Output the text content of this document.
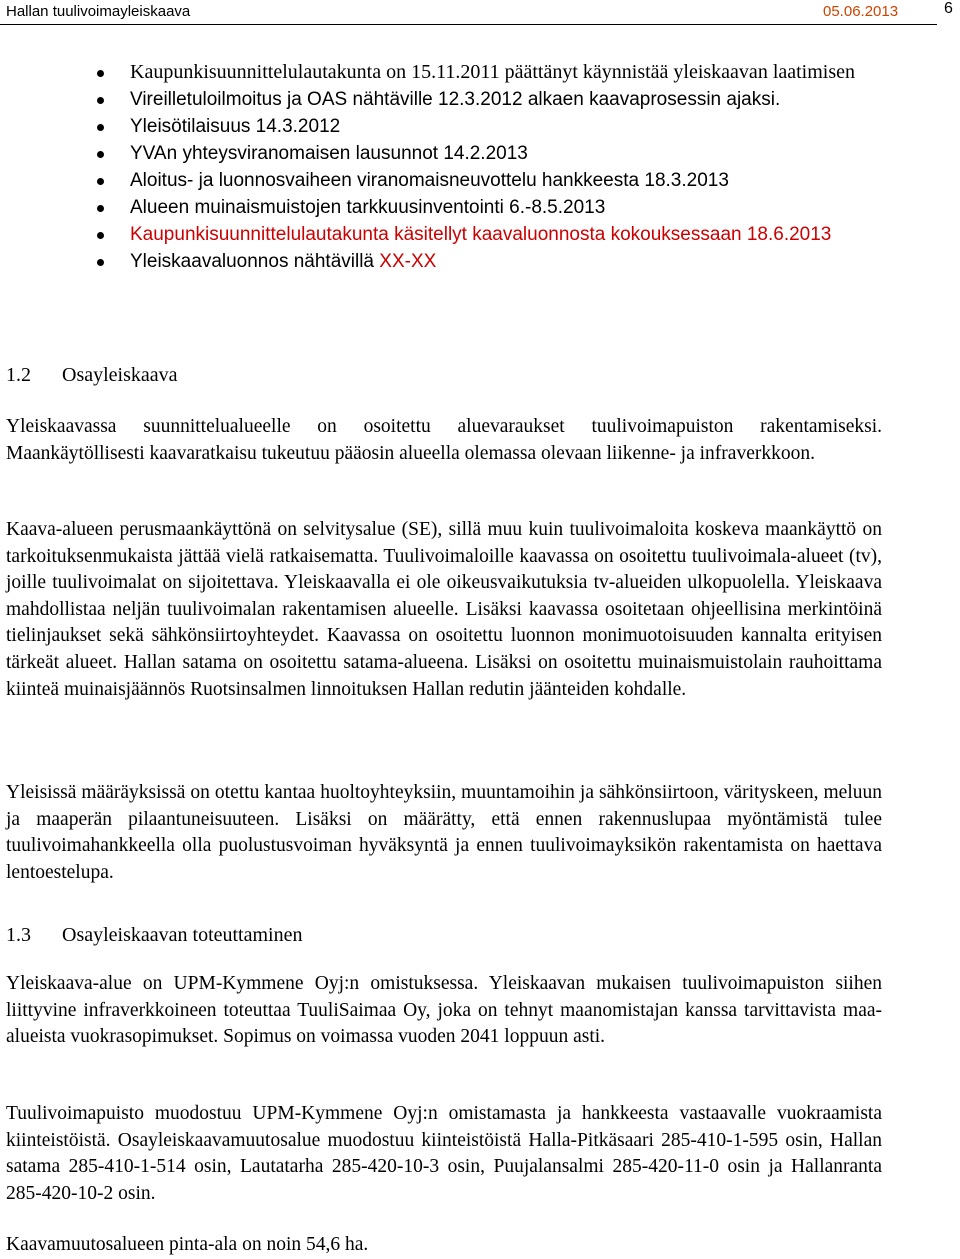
Hallan tuulivoimayleiskaava	05.06.2013	6
Kaupunkisuunnittelulautakunta on 15.11.2011 päättänyt käynnistää yleiskaavan laatimisen
Vireilletuloilmoitus ja OAS nähtäville 12.3.2012 alkaen kaavaprosessin ajaksi.
Yleisötilaisuus 14.3.2012
YVAn yhteysviranomaisen lausunnot 14.2.2013
Aloitus- ja luonnosvaiheen viranomaisneuvottelu hankkeesta 18.3.2013
Alueen muinaismuistojen tarkkuusinventointi 6.-8.5.2013
Kaupunkisuunnittelulautakunta käsitellyt kaavaluonnosta kokouksessaan 18.6.2013
Yleiskaavaluonnos nähtävillä XX-XX
1.2 Osayleiskaava

Yleiskaavassa suunnittelualueelle on osoitettu aluevaraukset tuulivoimapuiston rakentamiseksi. Maankäytöllisesti kaavaratkaisu tukeutuu pääosin alueella olemassa olevaan liikenne- ja infraverkkoon.

Kaava-alueen perusmaankäyttönä on selvitysalue (SE), sillä muu kuin tuulivoimaloita koskeva maankäyttö on tarkoituksenmukaista jättää vielä ratkaisematta. Tuulivoimaloille kaavassa on osoitettu tuulivoimala-alueet (tv), joille tuulivoimalat on sijoitettava. Yleiskaavalla ei ole oikeusvaikutuksia tv-alueiden ulkopuolella. Yleiskaava mahdollistaa neljän tuulivoimalan rakentamisen alueelle. Lisäksi kaavassa osoitetaan ohjeellisina merkintöinä tielinjaukset sekä sähkönsiirtoyhteydet. Kaavassa on osoitettu luonnon monimuotoisuuden kannalta erityisen tärkeät alueet. Hallan satama on osoitettu satama-alueena. Lisäksi on osoitettu muinaismuistolain rauhoittama kiinteä muinaisjäännös Ruotsinsalmen linnoituksen Hallan redutin jäänteiden kohdalle.

Yleisissä määräyksissä on otettu kantaa huoltoyhteyksiin, muuntamoihin ja sähkönsiirtoon, värityskeen, meluun ja maaperän pilaantuneisuuteen. Lisäksi on määrätty, että ennen rakennuslupaa myöntämistä tulee tuulivoimahankkeella olla puolustusvoiman hyväksyntä ja ennen tuulivoimayksikön rakentamista on haettava lentoestelupa.

1.3 Osayleiskaavan toteuttaminen

Yleiskaava-alue on UPM-Kymmene Oyj:n omistuksessa. Yleiskaavan mukaisen tuulivoimapuiston siihen liittyvine infraverkkoineen toteuttaa TuuliSaimaa Oy, joka on tehnyt maanomistajan kanssa tarvittavista maa-alueista vuokrasopimukset. Sopimus on voimassa vuoden 2041 loppuun asti.

Tuulivoimapuisto muodostuu UPM-Kymmene Oyj:n omistamasta ja hankkeesta vastaavalle vuokraamista kiinteistöistä. Osayleiskaavamuutosalue muodostuu kiinteistöistä Halla-Pitkäsaari 285-410-1-595 osin, Hallan satama 285-410-1-514 osin, Lautatarha 285-420-10-3 osin, Puujalansalmi 285-420-11-0 osin ja Hallanranta 285-420-10-2 osin.

Kaavamuutosalueen pinta-ala on noin 54,6 ha.
